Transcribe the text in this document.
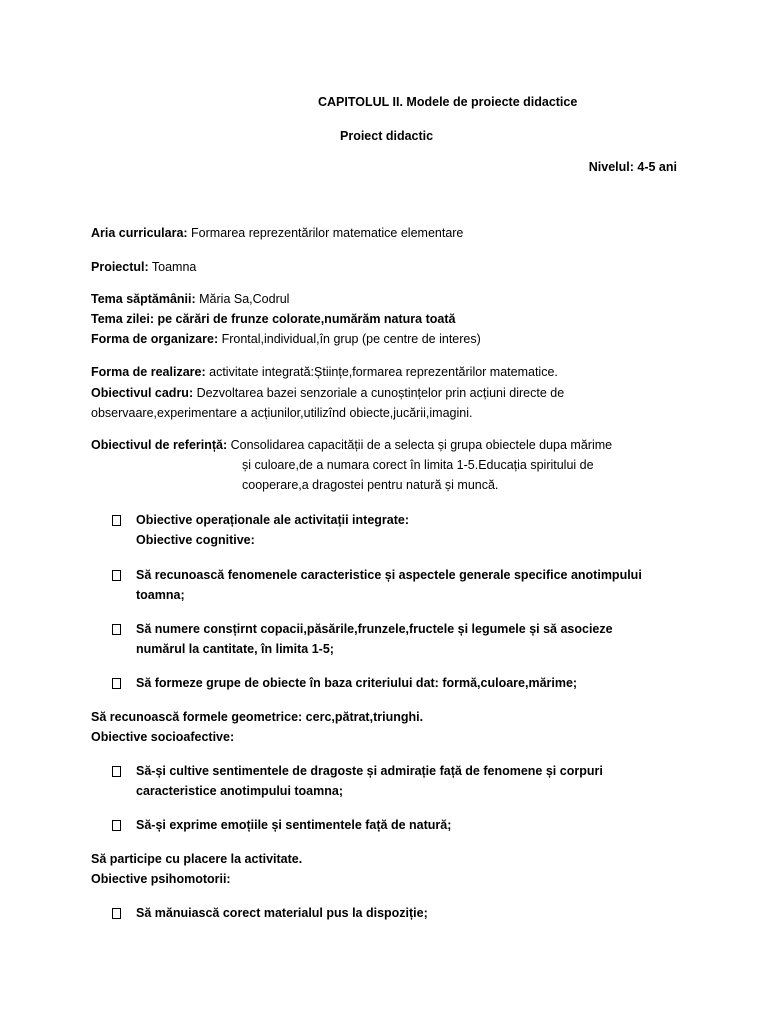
CAPITOLUL II. Modele de proiecte didactice
Proiect didactic
Nivelul: 4-5 ani
Aria curriculara: Formarea reprezentărilor matematice elementare
Proiectul: Toamna
Tema săptămânii: Măria Sa,Codrul
Tema zilei: pe cărări de frunze colorate,numărăm natura toată
Forma de organizare: Frontal,individual,în grup (pe centre de interes)
Forma de realizare: activitate integrată:Științe,formarea reprezentărilor matematice.
Obiectivul cadru: Dezvoltarea bazei senzoriale a cunoștințelor prin acțiuni directe de
observaare,experimentare a acțiunilor,utilizînd obiecte,jucării,imagini.
Obiectivul de referință: Consolidarea capacității de a selecta și grupa obiectele dupa mărime
și culoare,de a numara corect în limita 1-5.Educația spiritului de
cooperare,a dragostei pentru natură și muncă.
Obiective operaționale ale activitații integrate:
Obiective cognitive:
Să recunoască fenomenele caracteristice și aspectele generale specifice anotimpului
toamna;
Să numere consțirnt copacii,păsările,frunzele,fructele și legumele și să asocieze
numărul la cantitate, în limita 1-5;
Să formeze grupe de obiecte în baza criteriului dat: formă,culoare,mărime;
Să recunoască formele geometrice: cerc,pătrat,triunghi.
Obiective socioafective:
Să-și cultive sentimentele de dragoste și admirație față de fenomene și corpuri
caracteristice anotimpului toamna;
Să-și exprime emoțiile și sentimentele față de natură;
Să participe cu placere la activitate.
Obiective psihomotorii:
Să mănuiască corect materialul pus la dispoziție;
